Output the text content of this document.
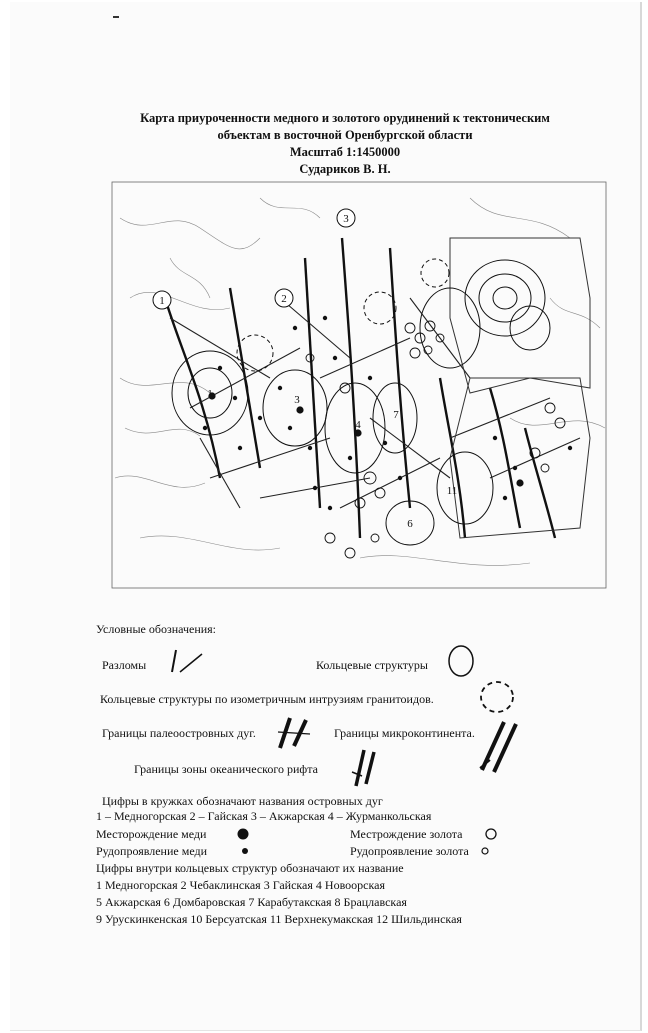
Карта приуроченности медного и золотого орудинений к тектоническим
объектам в восточной Оренбургской области
Масштаб 1:1450000
Судариков В. Н.
1	2
3
1	3
4
7
11
6
Условные обозначения:
Разломы	Кольцевые структуры
Кольцевые структуры по изометричным интрузиям гранитоидов.
Границы палеоостровных дуг.	Границы микроконтинента.
Границы зоны океанического рифта
Цифры в кружках обозначают названия островных дуг
1 – Медногорская 2 – Гайская 3 – Акжарская 4 – Журманкольская
Месторождение меди	Местрождение золота
Рудопроявление меди	Рудопроявление золота
Цифры внутри кольцевых структур обозначают их название
1 Медногорская 2 Чебаклинская 3 Гайская 4 Новоорская
5 Акжарская 6 Домбаровская 7 Карабутакская 8 Брацлавская
9 Урускинкенская 10 Берсуатская 11 Верхнекумакская 12 Шильдинская
